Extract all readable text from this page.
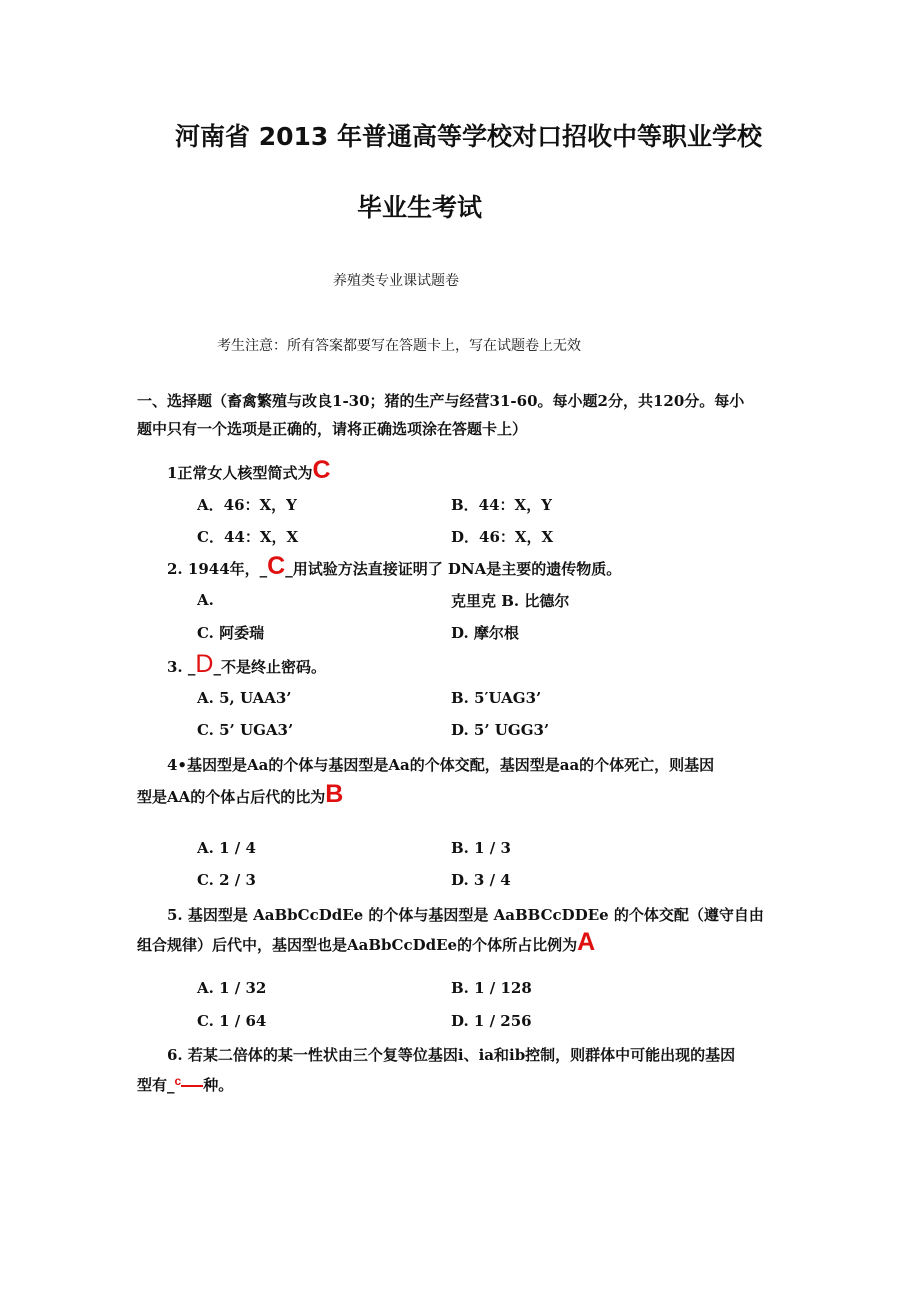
河南省 2013 年普通高等学校对口招收中等职业学校
毕业生考试
养殖类专业课试题卷
考生注意：所有答案都要写在答题卡上，写在试题卷上无效
一、选择题（畜禽繁殖与改良1-30；猪的生产与经营31-60。每小题2分，共120分。每小
题中只有一个选项是正确的，请将正确选项涂在答题卡上）
1正常女人核型简式为C
A．46：X，Y	B．44：X，Y
C．44：X，X	D．46：X，X
2. 1944年，_C_用试验方法直接证明了 DNA是主要的遗传物质。
A.	克里克 B. 比德尔
C. 阿委瑞	D. 摩尔根
3. _D_不是终止密码。
A. 5, UAA3’	B. 5′UAG3’
C. 5’ UGA3’	D. 5’ UGG3’
4•基因型是Aa的个体与基因型是Aa的个体交配，基因型是aa的个体死亡，则基因
型是AA的个体占后代的比为B
A. 1 / 4	B. 1 / 3
C. 2 / 3	D. 3 / 4
5. 基因型是 AaBbCcDdEe 的个体与基因型是 AaBBCcDDEe 的个体交配（遵守自由
组合规律）后代中，基因型也是AaBbCcDdEe的个体所占比例为A
A. 1 / 32	B. 1 / 128
C. 1 / 64	D. 1 / 256
6. 若某二倍体的某一性状由三个复等位基因i、ia和ib控制，则群体中可能出现的基因
型有_$^c$ 种。
